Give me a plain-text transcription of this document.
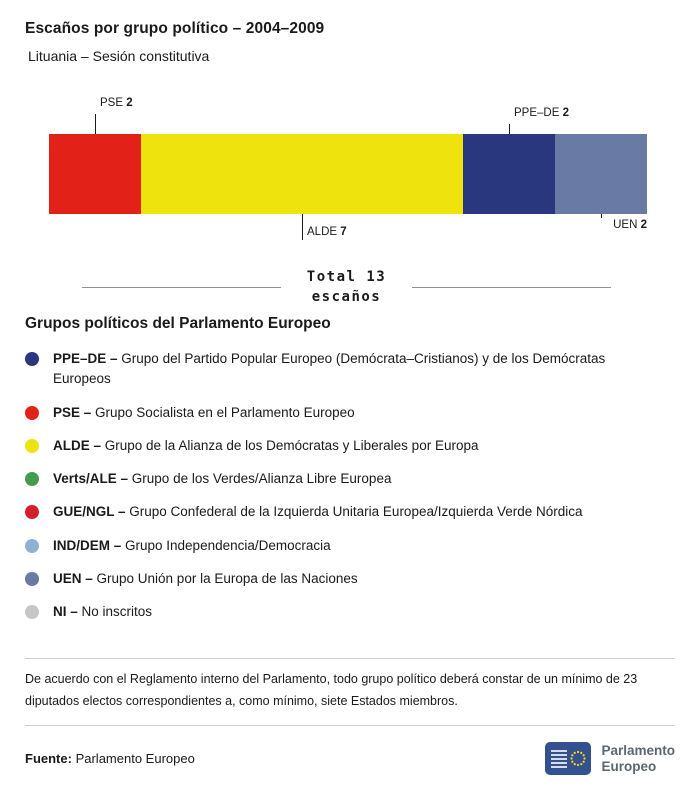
Escaños por grupo político – 2004–2009
Lituania – Sesión constitutiva
PSE 2
ALDE 7
PPE–DE 2
UEN 2
Total 13
escaños
Grupos políticos del Parlamento Europeo
PPE–DE – Grupo del Partido Popular Europeo (Demócrata–Cristianos) y de los Demócratas Europeos
PSE – Grupo Socialista en el Parlamento Europeo
ALDE – Grupo de la Alianza de los Demócratas y Liberales por Europa
Verts/ALE – Grupo de los Verdes/Alianza Libre Europea
GUE/NGL – Grupo Confederal de la Izquierda Unitaria Europea/Izquierda Verde Nórdica
IND/DEM – Grupo Independencia/Democracia
UEN – Grupo Unión por la Europa de las Naciones
NI – No inscritos

De acuerdo con el Reglamento interno del Parlamento, todo grupo político deberá constar de un mínimo de 23 diputados electos correspondientes a, como mínimo, siete Estados miembros.

Fuente: Parlamento Europeo
Parlamento
Europeo
